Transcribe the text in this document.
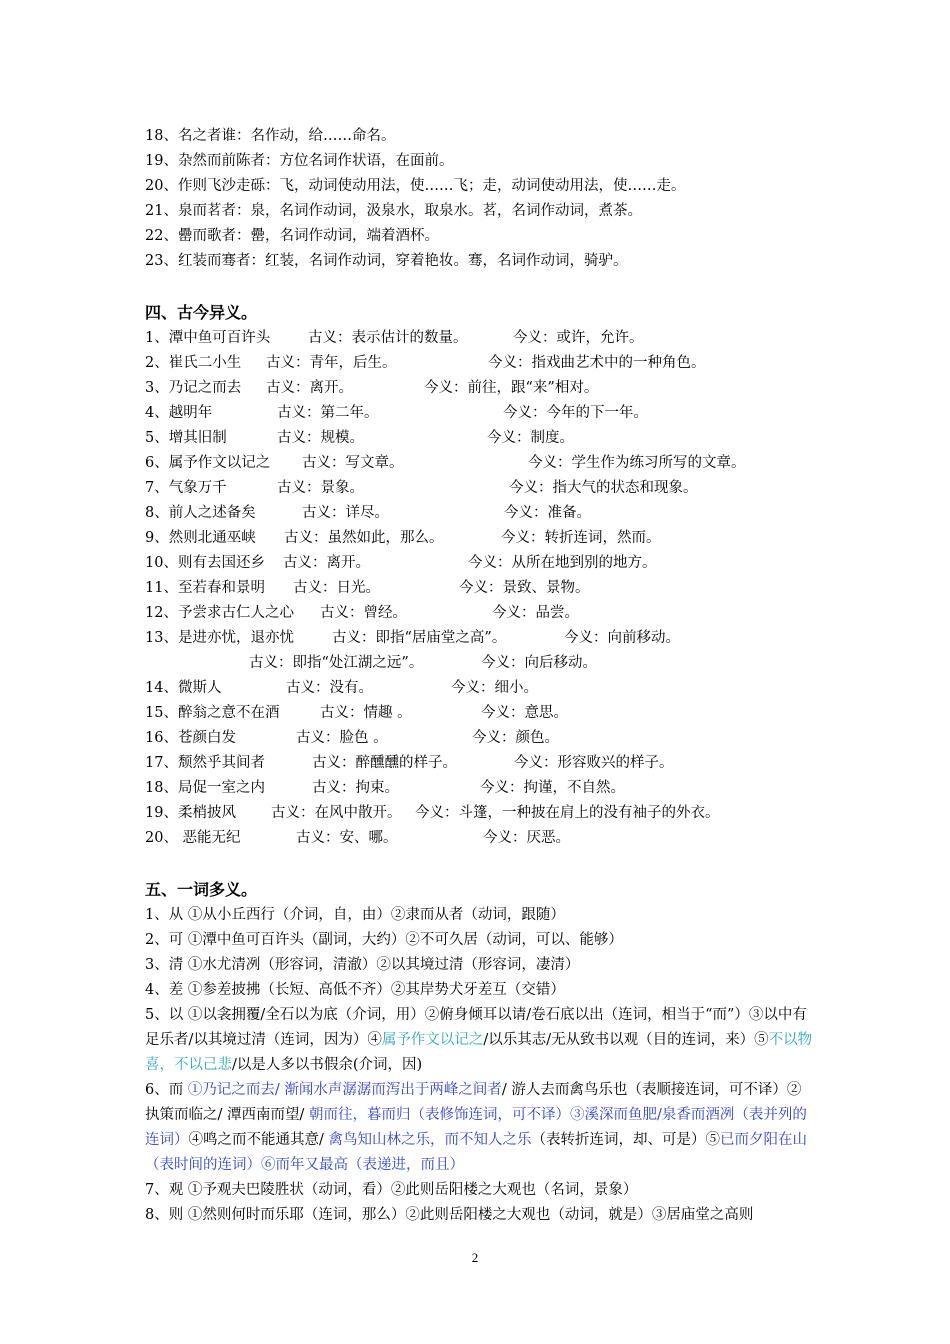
18、名之者谁：名作动，给……命名。
19、杂然而前陈者：方位名词作状语，在面前。
20、作则飞沙走砾：飞，动词使动用法，使……飞；走，动词使动用法，使……走。
21、泉而茗者：泉，名词作动词，汲泉水，取泉水。茗，名词作动词，煮茶。
22、罍而歌者：罍，名词作动词，端着酒杯。
23、红装而骞者：红装，名词作动词，穿着艳妆。骞，名词作动词，骑驴。
四、古今异义。
1、潭中鱼可百许头	古义：表示估计的数量。	今义：或许，允许。
2、崔氏二小生 古义：青年，后生。	今义：指戏曲艺术中的一种角色。
3、乃记之而去 古义：离开。	今义：前往，跟“来”相对。
4、越明年	古义：第二年。	今义：今年的下一年。
5、增其旧制	古义：规模。	今义：制度。
6、属予作文以记之 古义：写文章。	今义：学生作为练习所写的文章。
7、气象万千	古义：景象。	今义：指大气的状态和现象。
8、前人之述备矣	古义：详尽。	今义：准备。
9、然则北通巫峡 古义：虽然如此，那么。	今义：转折连词，然而。
10、则有去国还乡 古义：离开。	今义：从所在地到别的地方。
11、至若春和景明 古义：日光。	今义：景致、景物。
12、予尝求古仁人之心 古义：曾经。	今义：品尝。
13、是进亦忧，退亦忧	古义：即指“居庙堂之高”。	今义：向前移动。
古义：即指“处江湖之远”。	今义：向后移动。
14、微斯人	古义：没有。	今义：细小。
15、醉翁之意不在酒	古义：情趣 。	今义：意思。
16、苍颜白发	古义：脸色 。	今义：颜色。
17、颓然乎其间者	古义：醉醺醺的样子。	今义：形容败兴的样子。
18、局促一室之内	古义：拘束。	今义：拘谨，不自然。
19、柔梢披风 古义：在风中散开。 今义：斗篷，一种披在肩上的没有袖子的外衣。
20、 恶能无纪	古义：安、哪。	今义：厌恶。
五、一词多义。
1、从 ①从小丘西行（介词，自，由）②隶而从者（动词，跟随）
2、可 ①潭中鱼可百许头（副词，大约）②不可久居（动词，可以、能够）
3、清 ①水尤清冽（形容词，清澈）②以其境过清（形容词，凄清）
4、差 ①参差披拂（长短、高低不齐）②其岸势犬牙差互（交错）
5、以 ①以衾拥覆/全石以为底（介词，用）②俯身倾耳以请/卷石底以出（连词，相当于“而”）③以中有足乐者/以其境过清（连词，因为）④属予作文以记之/以乐其志/无从致书以观（目的连词，来）⑤不以物喜，不以己悲/以是人多以书假余(介词，因)
6、而 ①乃记之而去/ 渐闻水声潺潺而泻出于两峰之间者/ 游人去而禽鸟乐也（表顺接连词，可不译）②执策而临之/ 潭西南而望/ 朝而往，暮而归（表修饰连词，可不译）③溪深而鱼肥/泉香而酒冽（表并列的连词）④鸣之而不能通其意/ 禽鸟知山林之乐，而不知人之乐（表转折连词，却、可是）⑤已而夕阳在山（表时间的连词）⑥而年又最高（表递进，而且）
7、观 ①予观夫巴陵胜状（动词，看）②此则岳阳楼之大观也（名词，景象）
8、则 ①然则何时而乐耶（连词，那么）②此则岳阳楼之大观也（动词，就是）③居庙堂之高则
2
